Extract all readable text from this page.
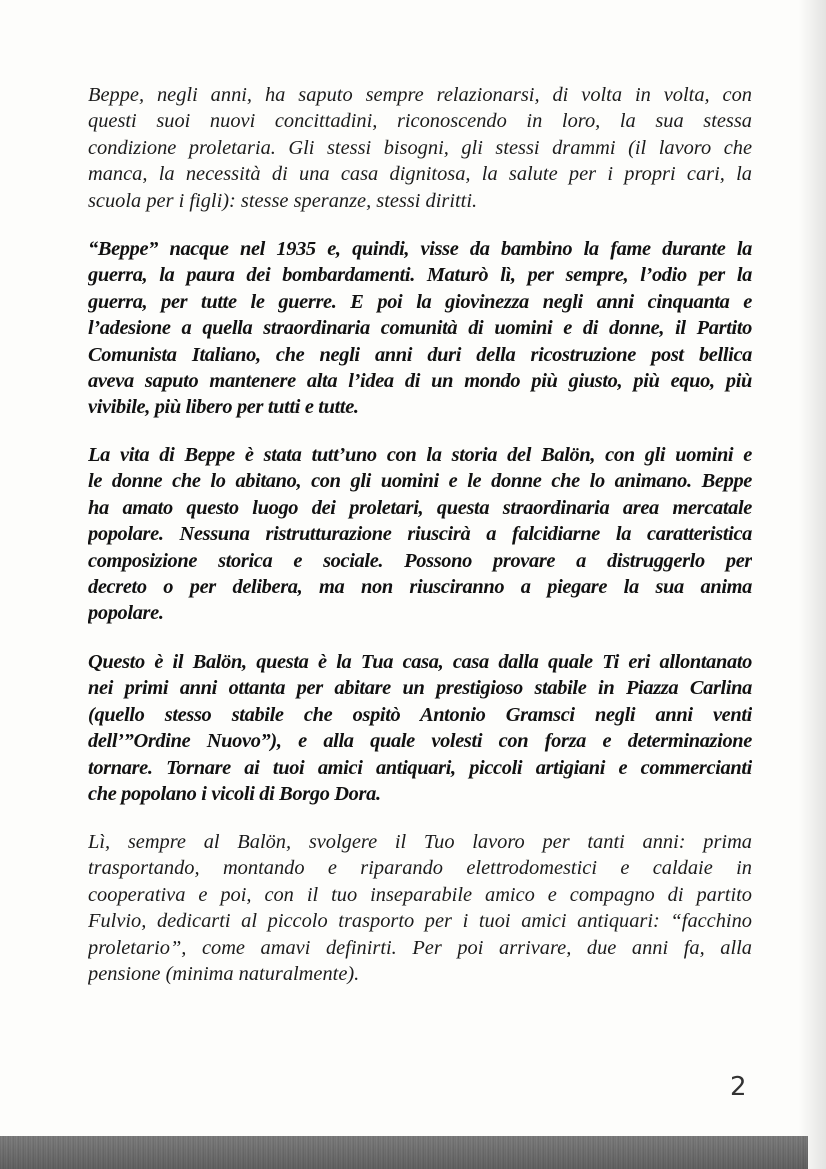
Beppe, negli anni, ha saputo sempre relazionarsi, di volta in volta, con
questi suoi nuovi concittadini, riconoscendo in loro, la sua stessa
condizione proletaria. Gli stessi bisogni, gli stessi drammi (il lavoro che
manca, la necessità di una casa dignitosa, la salute per i propri cari, la
scuola per i figli): stesse speranze, stessi diritti.
“Beppe” nacque nel 1935 e, quindi, visse da bambino la fame durante la
guerra, la paura dei bombardamenti. Maturò lì, per sempre, l’odio per la
guerra, per tutte le guerre. E poi la giovinezza negli anni cinquanta e
l’adesione a quella straordinaria comunità di uomini e di donne, il Partito
Comunista Italiano, che negli anni duri della ricostruzione post bellica
aveva saputo mantenere alta l’idea di un mondo più giusto, più equo, più
vivibile, più libero per tutti e tutte.
La vita di Beppe è stata tutt’uno con la storia del Balön, con gli uomini e
le donne che lo abitano, con gli uomini e le donne che lo animano. Beppe
ha amato questo luogo dei proletari, questa straordinaria area mercatale
popolare. Nessuna ristrutturazione riuscirà a falcidiarne la caratteristica
composizione storica e sociale. Possono provare a distruggerlo per
decreto o per delibera, ma non riusciranno a piegare la sua anima
popolare.
Questo è il Balön, questa è la Tua casa, casa dalla quale Ti eri allontanato
nei primi anni ottanta per abitare un prestigioso stabile in Piazza Carlina
(quello stesso stabile che ospitò Antonio Gramsci negli anni venti
dell’”Ordine Nuovo”), e alla quale volesti con forza e determinazione
tornare. Tornare ai tuoi amici antiquari, piccoli artigiani e commercianti
che popolano i vicoli di Borgo Dora.
Lì, sempre al Balön, svolgere il Tuo lavoro per tanti anni: prima
trasportando, montando e riparando elettrodomestici e caldaie in
cooperativa e poi, con il tuo inseparabile amico e compagno di partito
Fulvio, dedicarti al piccolo trasporto per i tuoi amici antiquari: “facchino
proletario”, come amavi definirti. Per poi arrivare, due anni fa, alla
pensione (minima naturalmente).
2
